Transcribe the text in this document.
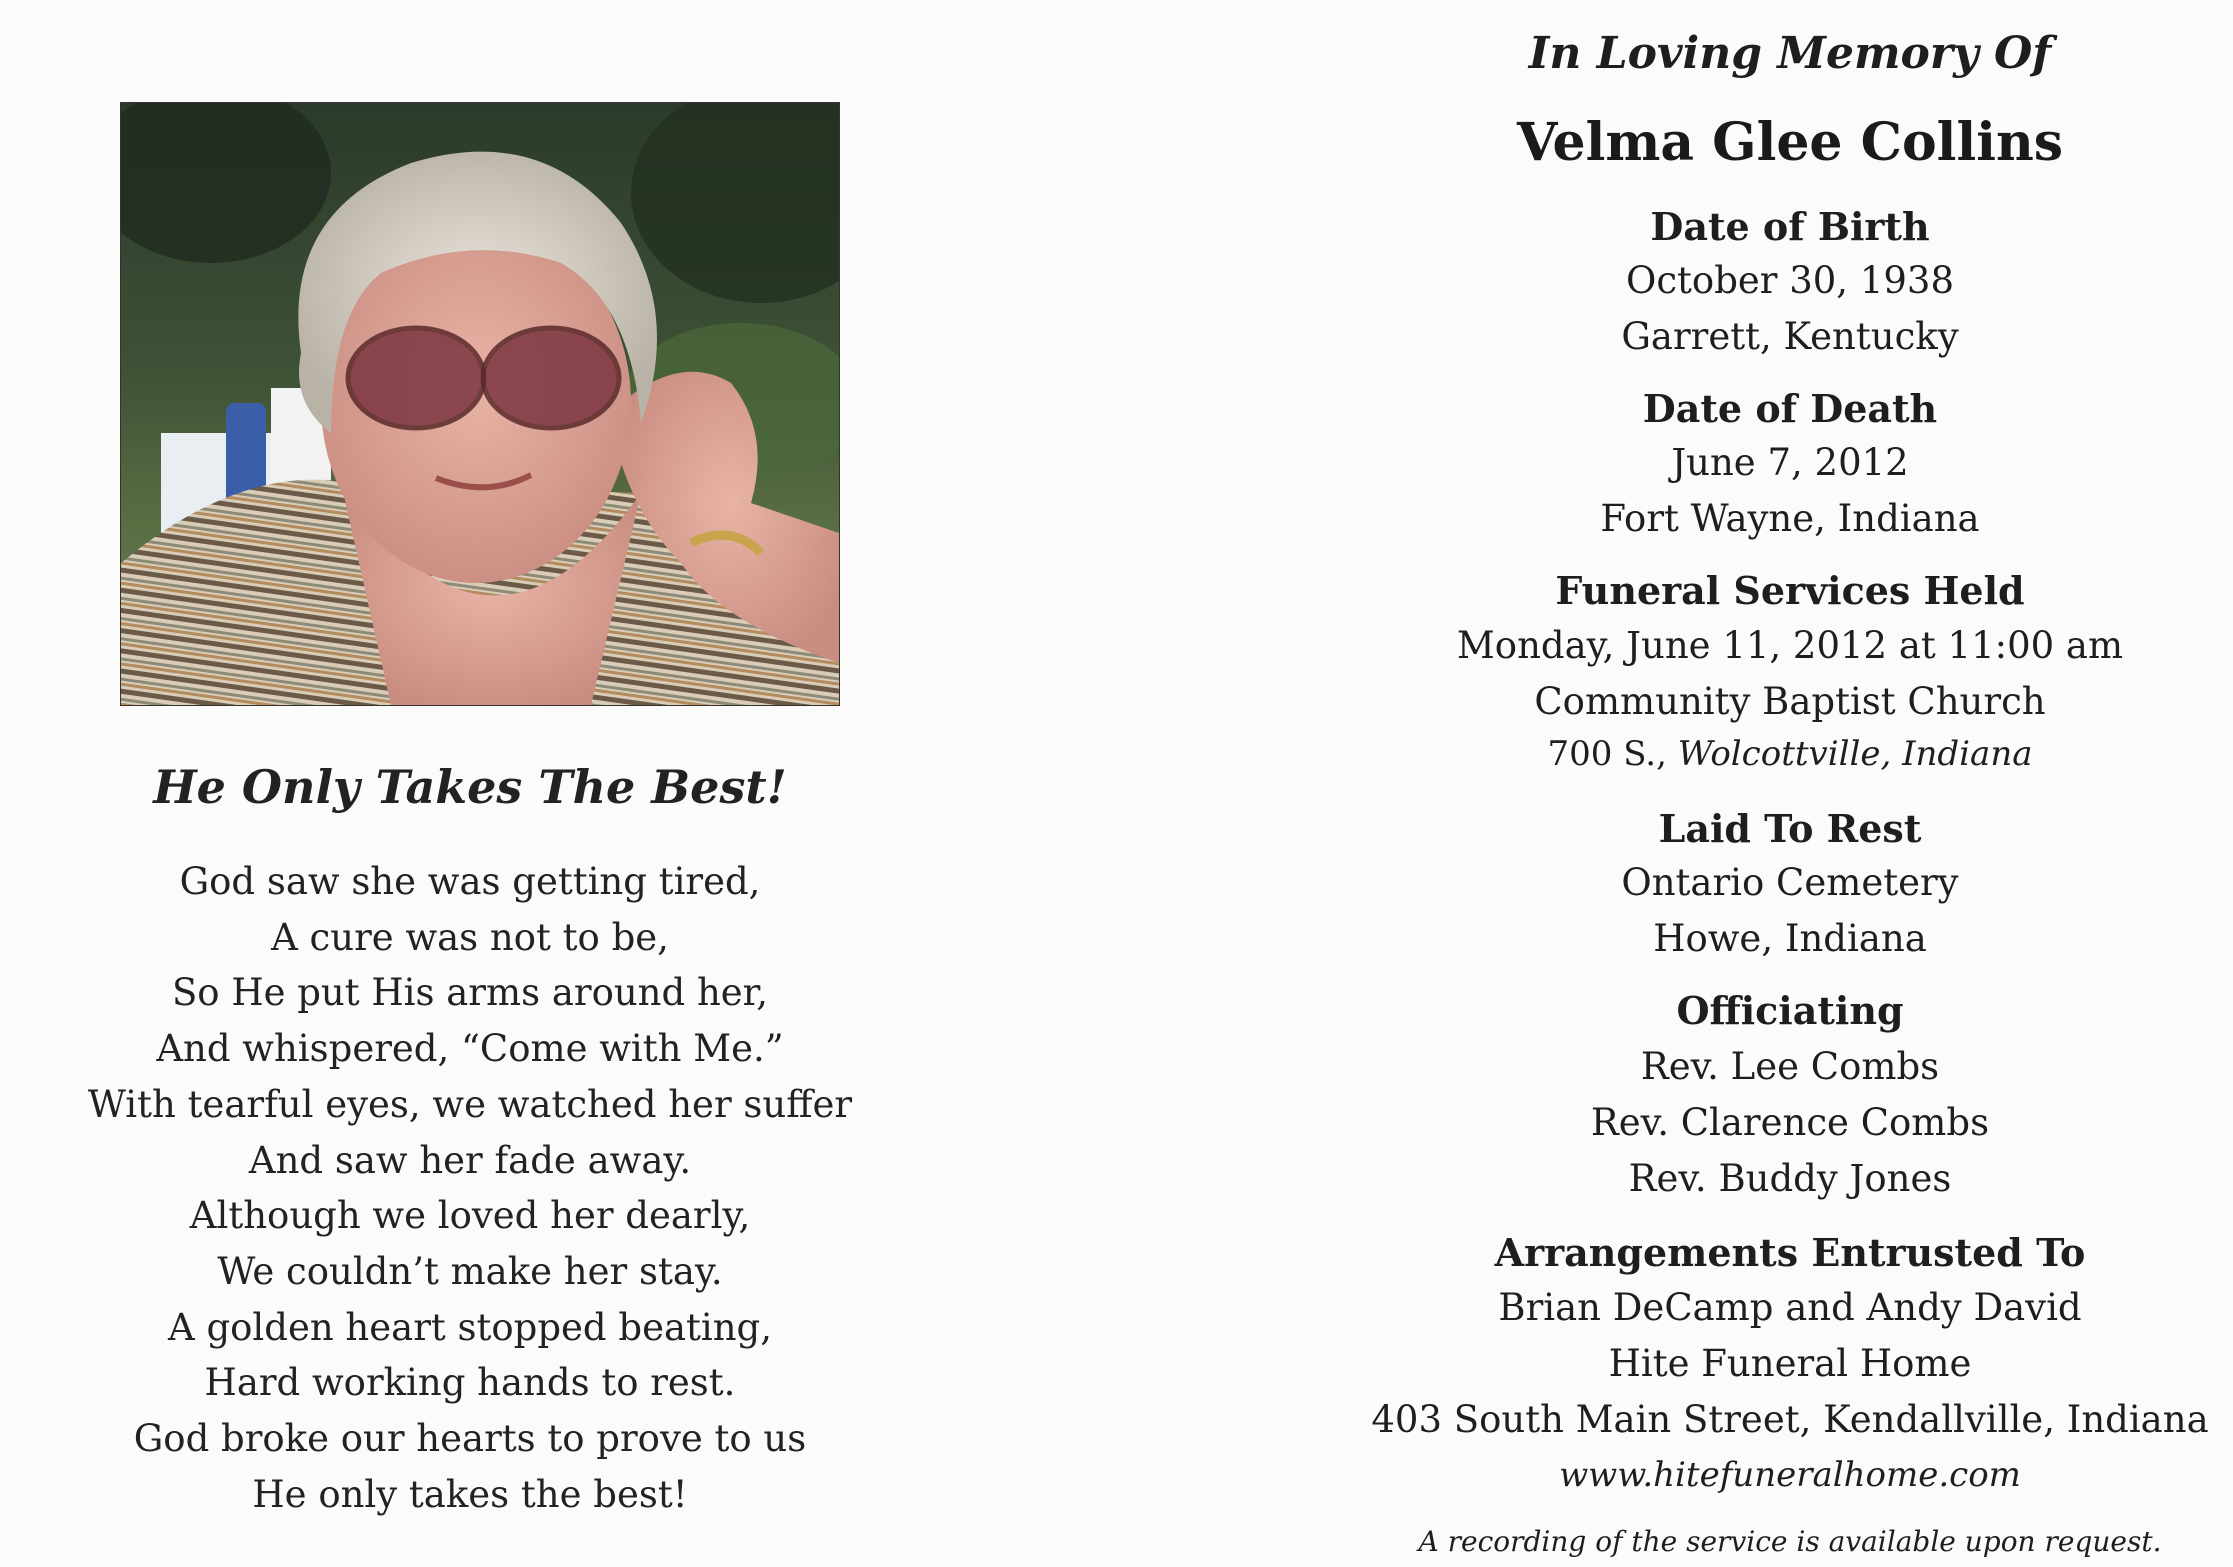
He Only Takes The Best!
God saw she was getting tired,
A cure was not to be,
So He put His arms around her,
And whispered, “Come with Me.”
With tearful eyes, we watched her suffer
And saw her fade away.
Although we loved her dearly,
We couldn’t make her stay.
A golden heart stopped beating,
Hard working hands to rest.
God broke our hearts to prove to us
He only takes the best!
In Loving Memory Of
Velma Glee Collins
Date of Birth
October 30, 1938
Garrett, Kentucky
Date of Death
June 7, 2012
Fort Wayne, Indiana
Funeral Services Held
Monday, June 11, 2012 at 11:00 am
Community Baptist Church
700 S., Wolcottville, Indiana
Laid To Rest
Ontario Cemetery
Howe, Indiana
Officiating
Rev. Lee Combs
Rev. Clarence Combs
Rev. Buddy Jones
Arrangements Entrusted To
Brian DeCamp and Andy David
Hite Funeral Home
403 South Main Street, Kendallville, Indiana
www.hitefuneralhome.com
A recording of the service is available upon request.
